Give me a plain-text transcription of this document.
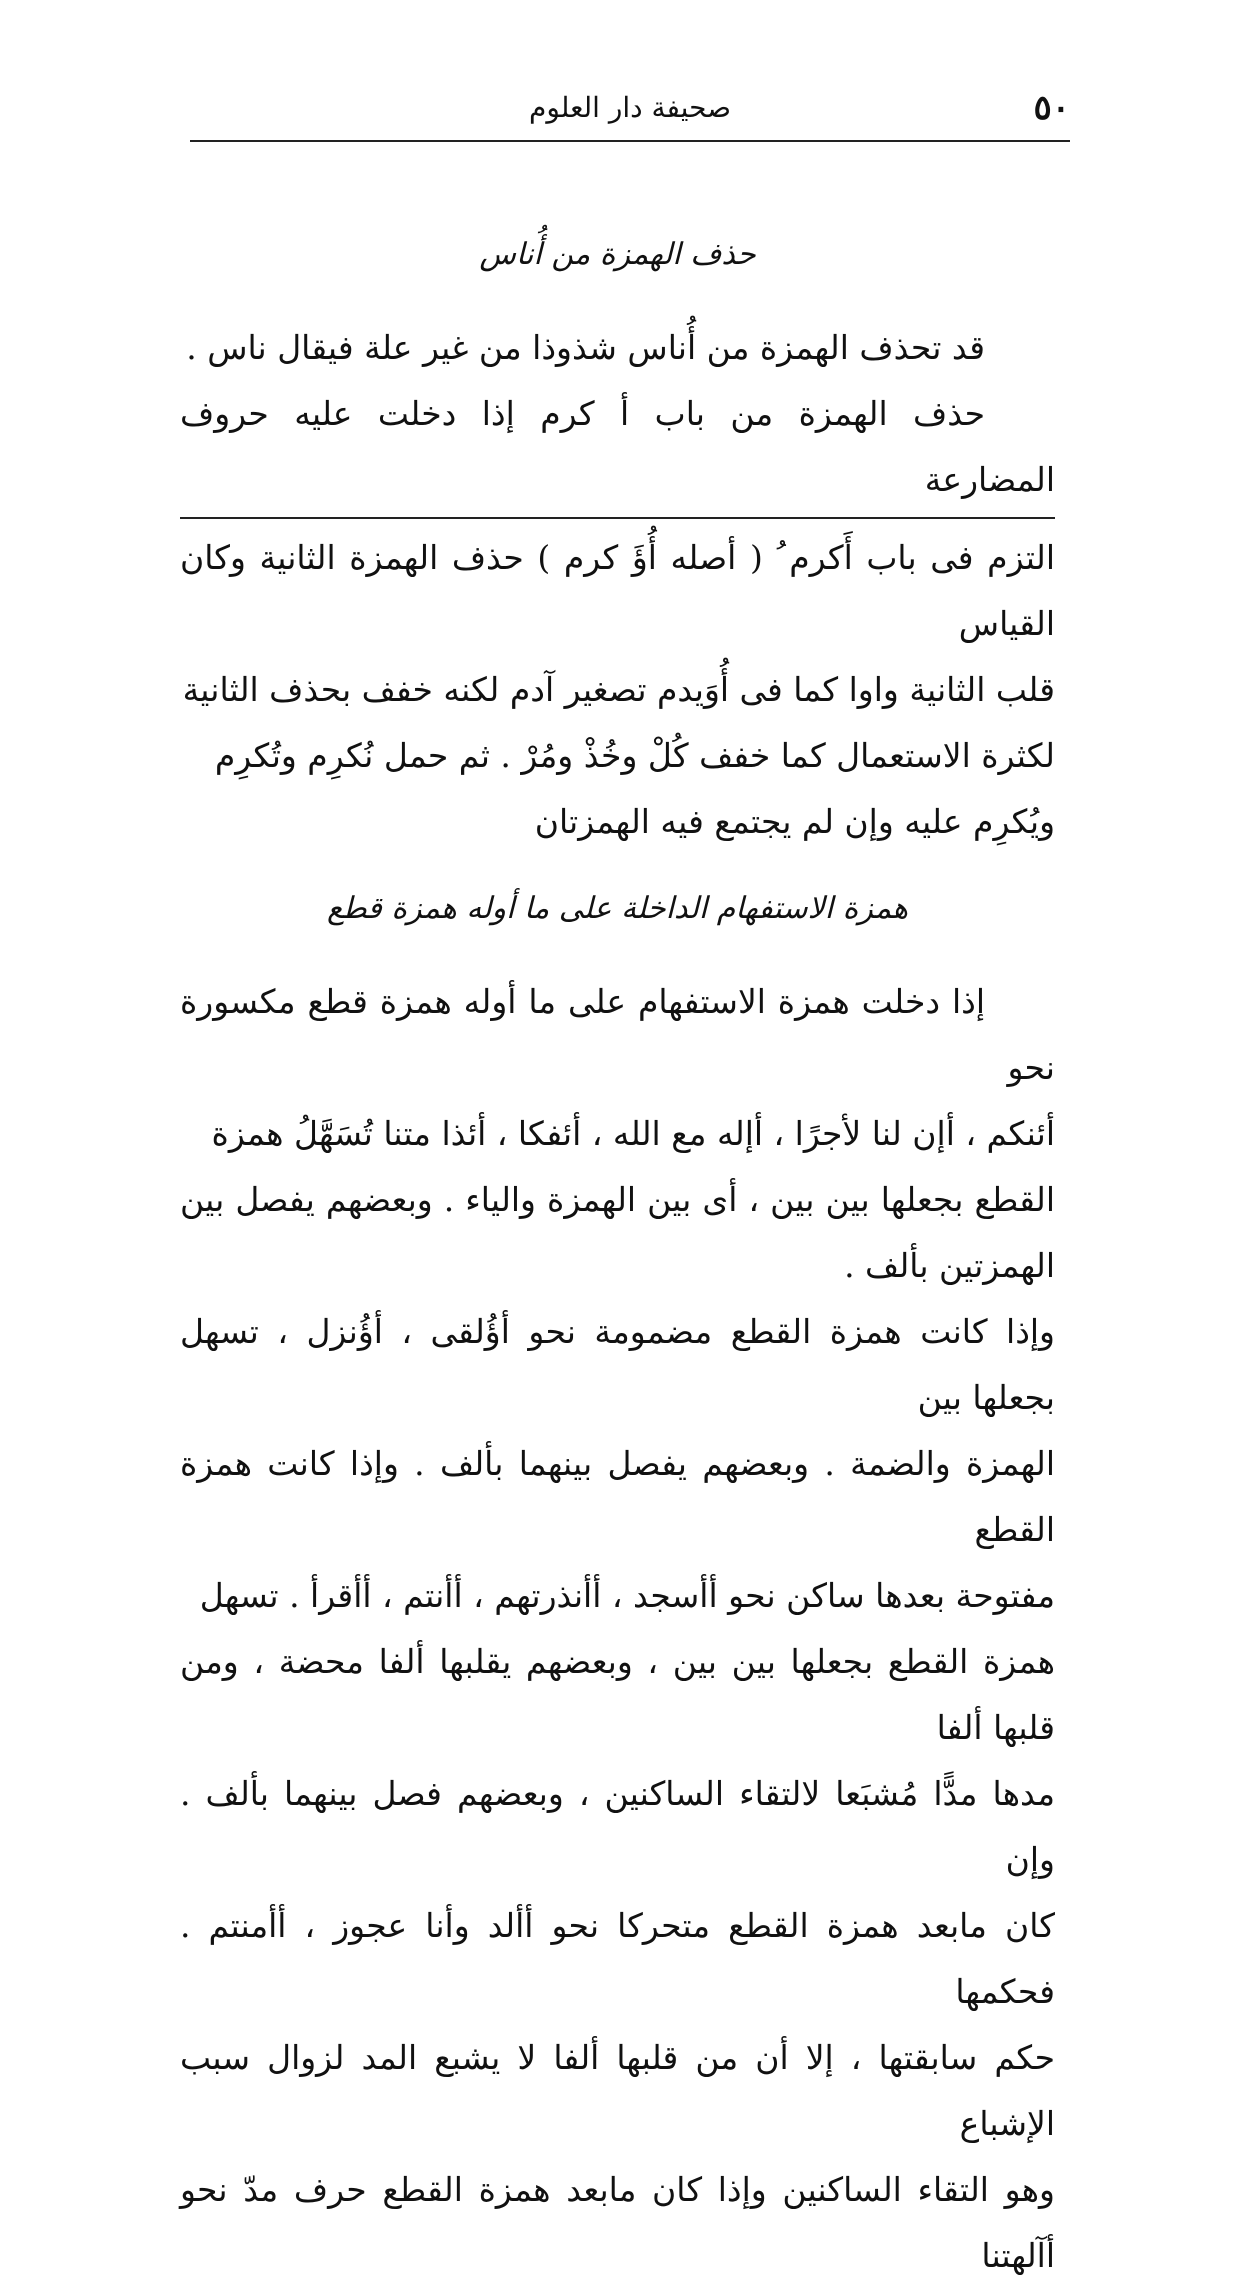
صحيفة دار العلوم	٥٠

حذف الهمزة من أُناس

قد تحذف الهمزة من أُناس شذوذا من غير علة فيقال ناس .

حذف الهمزة من باب أ كرم إذا دخلت عليه حروف المضارعة

التزم فى باب أَكرم ُ ( أصله أُؤَ كرم ) حذف الهمزة الثانية وكان القياس
قلب الثانية واوا كما فى أُوَيدم تصغير آدم لكنه خفف بحذف الثانية
لكثرة الاستعمال كما خفف كُلْ وخُذْ ومُرْ . ثم حمل نُكرِم وتُكرِم
ويُكرِم عليه وإن لم يجتمع فيه الهمزتان

همزة الاستفهام الداخلة على ما أوله همزة قطع

إذا دخلت همزة الاستفهام على ما أوله همزة قطع مكسورة نحو
أئنكم ، أإن لنا لأجرًا ، أإله مع الله ، أئفكا ، أئذا متنا تُسَهَّلُ همزة
القطع بجعلها بين بين ، أى بين الهمزة والياء . وبعضهم يفصل بين الهمزتين بألف .
وإذا كانت همزة القطع مضمومة نحو أؤُلقى ، أؤُنزل ، تسهل بجعلها بين
الهمزة والضمة . وبعضهم يفصل بينهما بألف . وإذا كانت همزة القطع
مفتوحة بعدها ساكن نحو أأسجد ، أأنذرتهم ، أأنتم ، أأقرأ . تسهل
همزة القطع بجعلها بين بين ، وبعضهم يقلبها ألفا محضة ، ومن قلبها ألفا
مدها مدًّا مُشبَعا لالتقاء الساكنين ، وبعضهم فصل بينهما بألف . وإن
كان مابعد همزة القطع متحركا نحو أألد وأنا عجوز ، أأمنتم . فحكمها
حكم سابقتها ، إلا أن من قلبها ألفا لا يشبع المد لزوال سبب الإشباع
وهو التقاء الساكنين وإذا كان مابعد همزة القطع حرف مدّ نحو أآلهتنا
